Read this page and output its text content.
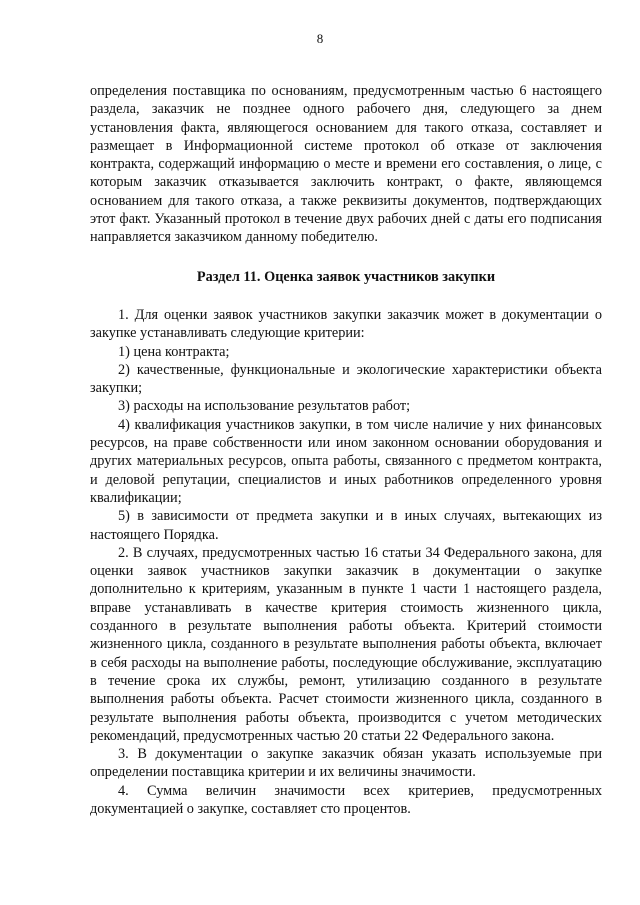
8

определения поставщика по основаниям, предусмотренным частью 6 настоящего раздела, заказчик не позднее одного рабочего дня, следующего за днем установления факта, являющегося основанием для такого отказа, составляет и размещает в Информационной системе протокол об отказе от заключения контракта, содержащий информацию о месте и времени его составления, о лице, с которым заказчик отказывается заключить контракт, о факте, являющемся основанием для такого отказа, а также реквизиты документов, подтверждающих этот факт. Указанный протокол в течение двух рабочих дней с даты его подписания направляется заказчиком данному победителю.

Раздел 11. Оценка заявок участников закупки

1. Для оценки заявок участников закупки заказчик может в документации о закупке устанавливать следующие критерии:

1) цена контракта;

2) качественные, функциональные и экологические характеристики объекта закупки;

3) расходы на использование результатов работ;

4) квалификация участников закупки, в том числе наличие у них финансовых ресурсов, на праве собственности или ином законном основании оборудования и других материальных ресурсов, опыта работы, связанного с предметом контракта, и деловой репутации, специалистов и иных работников определенного уровня квалификации;

5) в зависимости от предмета закупки и в иных случаях, вытекающих из настоящего Порядка.

2. В случаях, предусмотренных частью 16 статьи 34 Федерального закона, для оценки заявок участников закупки заказчик в документации о закупке дополнительно к критериям, указанным в пункте 1 части 1 настоящего раздела, вправе устанавливать в качестве критерия стоимость жизненного цикла, созданного в результате выполнения работы объекта. Критерий стоимости жизненного цикла, созданного в результате выполнения работы объекта, включает в себя расходы на выполнение работы, последующие обслуживание, эксплуатацию в течение срока их службы, ремонт, утилизацию созданного в результате выполнения работы объекта. Расчет стоимости жизненного цикла, созданного в результате выполнения работы объекта, производится с учетом методических рекомендаций, предусмотренных частью 20 статьи 22 Федерального закона.

3. В документации о закупке заказчик обязан указать используемые при определении поставщика критерии и их величины значимости.

4. Сумма величин значимости всех критериев, предусмотренных документацией о закупке, составляет сто процентов.
